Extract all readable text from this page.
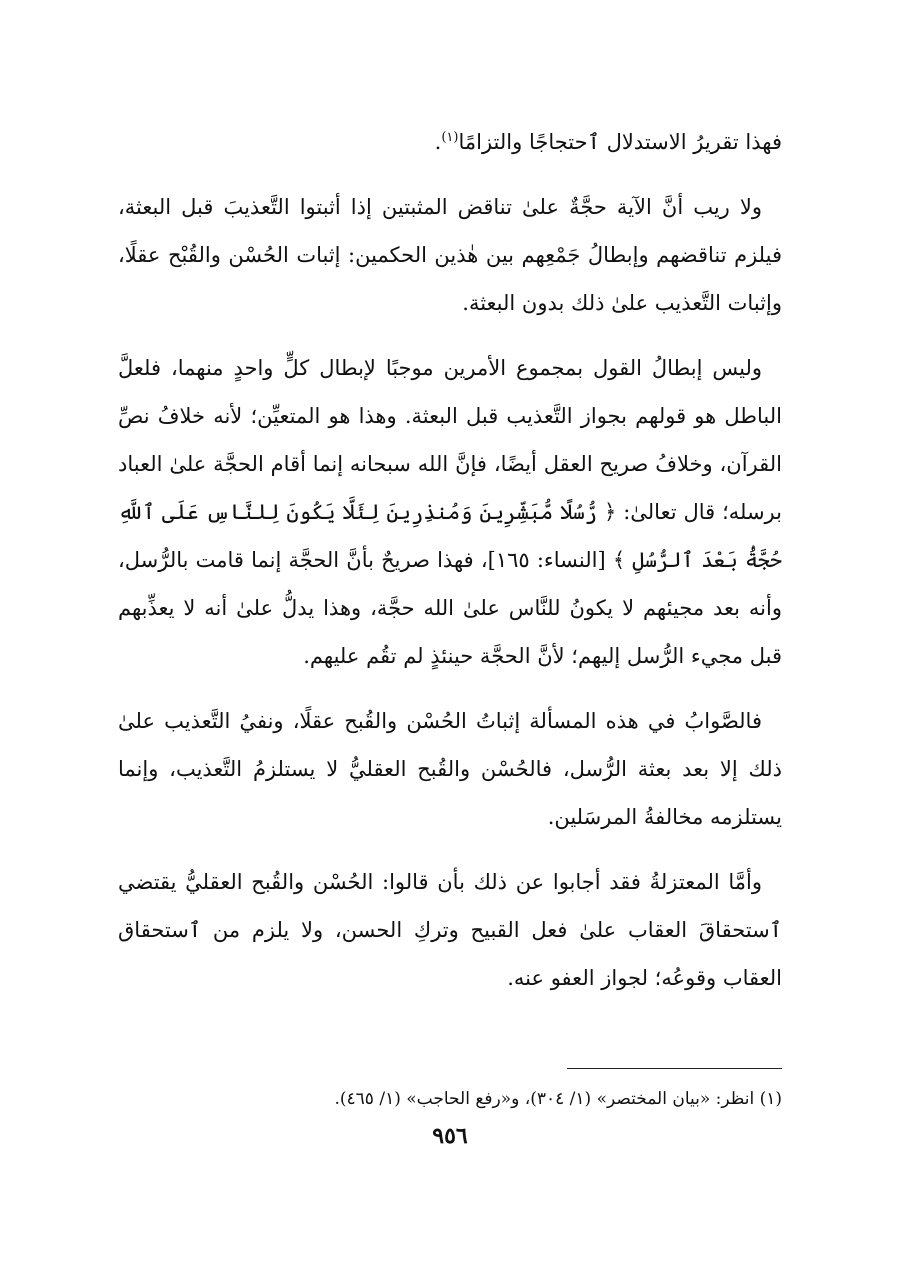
فهذا تقريرُ الاستدلال ٱحتجاجًا والتزامًا$^{(١)}$.

ولا ريب أنَّ الآية حجَّةٌ علىٰ تناقض المثبتين إذا أثبتوا التَّعذيبَ قبل البعثة، فيلزم تناقضهم وإبطالُ جَمْعِهم بين هٰذين الحكمين: إثبات الحُسْن والقُبْح عقلًا، وإثبات التَّعذيب علىٰ ذلك بدون البعثة.

وليس إبطالُ القول بمجموع الأمرين موجبًا لإبطال كلٍّ واحدٍ منهما، فلعلَّ الباطل هو قولهم بجواز التَّعذيب قبل البعثة. وهذا هو المتعيِّن؛ لأنه خلافُ نصِّ القرآن، وخلافُ صريح العقل أيضًا، فإنَّ الله سبحانه إنما أقام الحجَّة علىٰ العباد برسله؛ قال تعالىٰ: ﴿ رُّسُلًا مُّبَشِّرِينَ وَمُنذِرِينَ لِئَلَّا يَكُونَ لِلنَّاسِ عَلَى ٱللَّهِ حُجَّةُۢ بَعْدَ ٱلرُّسُلِ ﴾ [النساء: ١٦٥]، فهذا صريحٌ بأنَّ الحجَّة إنما قامت بالرُّسل، وأنه بعد مجيئهم لا يكونُ للنَّاس علىٰ الله حجَّة، وهذا يدلُّ علىٰ أنه لا يعذِّبهم قبل مجيء الرُّسل إليهم؛ لأنَّ الحجَّة حينئذٍ لم تقُم عليهم.

فالصَّوابُ في هذه المسألة إثباتُ الحُسْن والقُبح عقلًا، ونفيُ التَّعذيب علىٰ ذلك إلا بعد بعثة الرُّسل، فالحُسْن والقُبح العقليُّ لا يستلزمُ التَّعذيب، وإنما يستلزمه مخالفةُ المرسَلين.

وأمَّا المعتزلةُ فقد أجابوا عن ذلك بأن قالوا: الحُسْن والقُبح العقليُّ يقتضي ٱستحقاقَ العقاب علىٰ فعل القبيح وتركِ الحسن، ولا يلزم من ٱستحقاق العقاب وقوعُه؛ لجواز العفو عنه.

(١) انظر: «بيان المختصر» (١/ ٣٠٤)، و«رفع الحاجب» (١/ ٤٦٥).
٩٥٦
